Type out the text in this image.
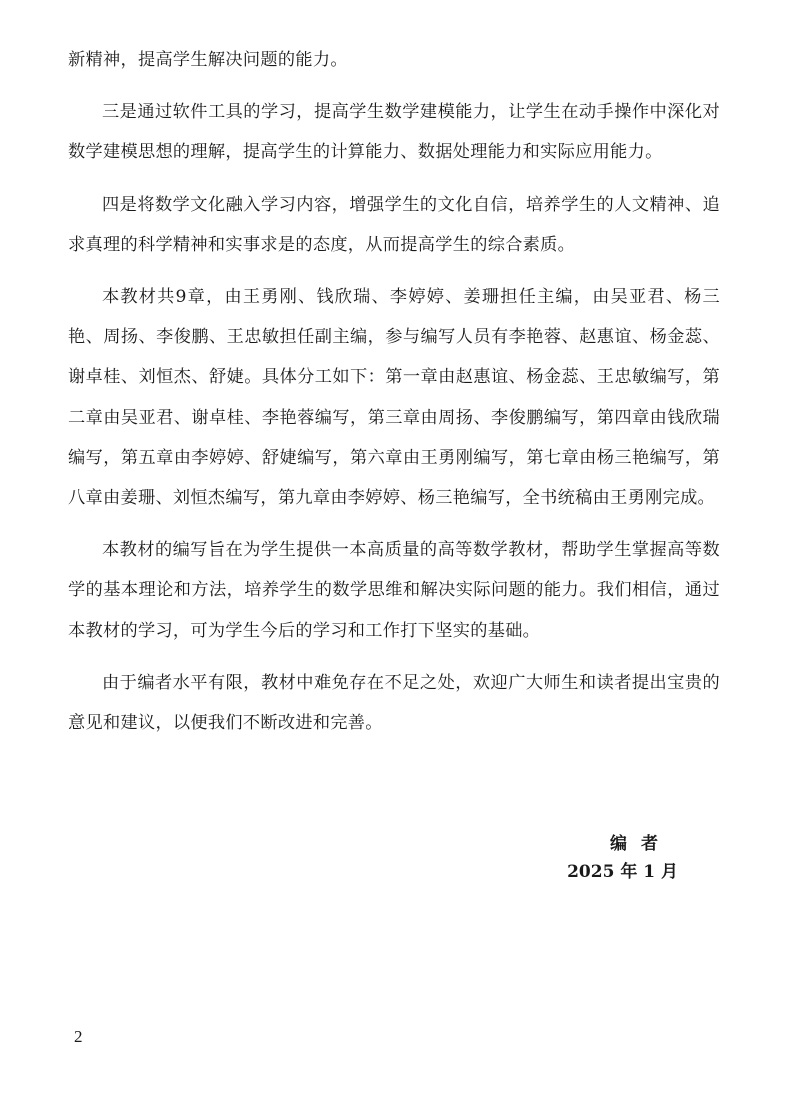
新精神，提高学生解决问题的能力。

三是通过软件工具的学习，提高学生数学建模能力，让学生在动手操作中深化对数学建模思想的理解，提高学生的计算能力、数据处理能力和实际应用能力。

四是将数学文化融入学习内容，增强学生的文化自信，培养学生的人文精神、追求真理的科学精神和实事求是的态度，从而提高学生的综合素质。

本教材共9章，由王勇刚、钱欣瑞、李婷婷、姜珊担任主编，由吴亚君、杨三艳、周扬、李俊鹏、王忠敏担任副主编，参与编写人员有李艳蓉、赵惠谊、杨金蕊、谢卓桂、刘恒杰、舒婕。具体分工如下：第一章由赵惠谊、杨金蕊、王忠敏编写，第二章由吴亚君、谢卓桂、李艳蓉编写，第三章由周扬、李俊鹏编写，第四章由钱欣瑞编写，第五章由李婷婷、舒婕编写，第六章由王勇刚编写，第七章由杨三艳编写，第八章由姜珊、刘恒杰编写，第九章由李婷婷、杨三艳编写，全书统稿由王勇刚完成。

本教材的编写旨在为学生提供一本高质量的高等数学教材，帮助学生掌握高等数学的基本理论和方法，培养学生的数学思维和解决实际问题的能力。我们相信，通过本教材的学习，可为学生今后的学习和工作打下坚实的基础。

由于编者水平有限，教材中难免存在不足之处，欢迎广大师生和读者提出宝贵的意见和建议，以便我们不断改进和完善。

编者
2025 年 1 月
2
